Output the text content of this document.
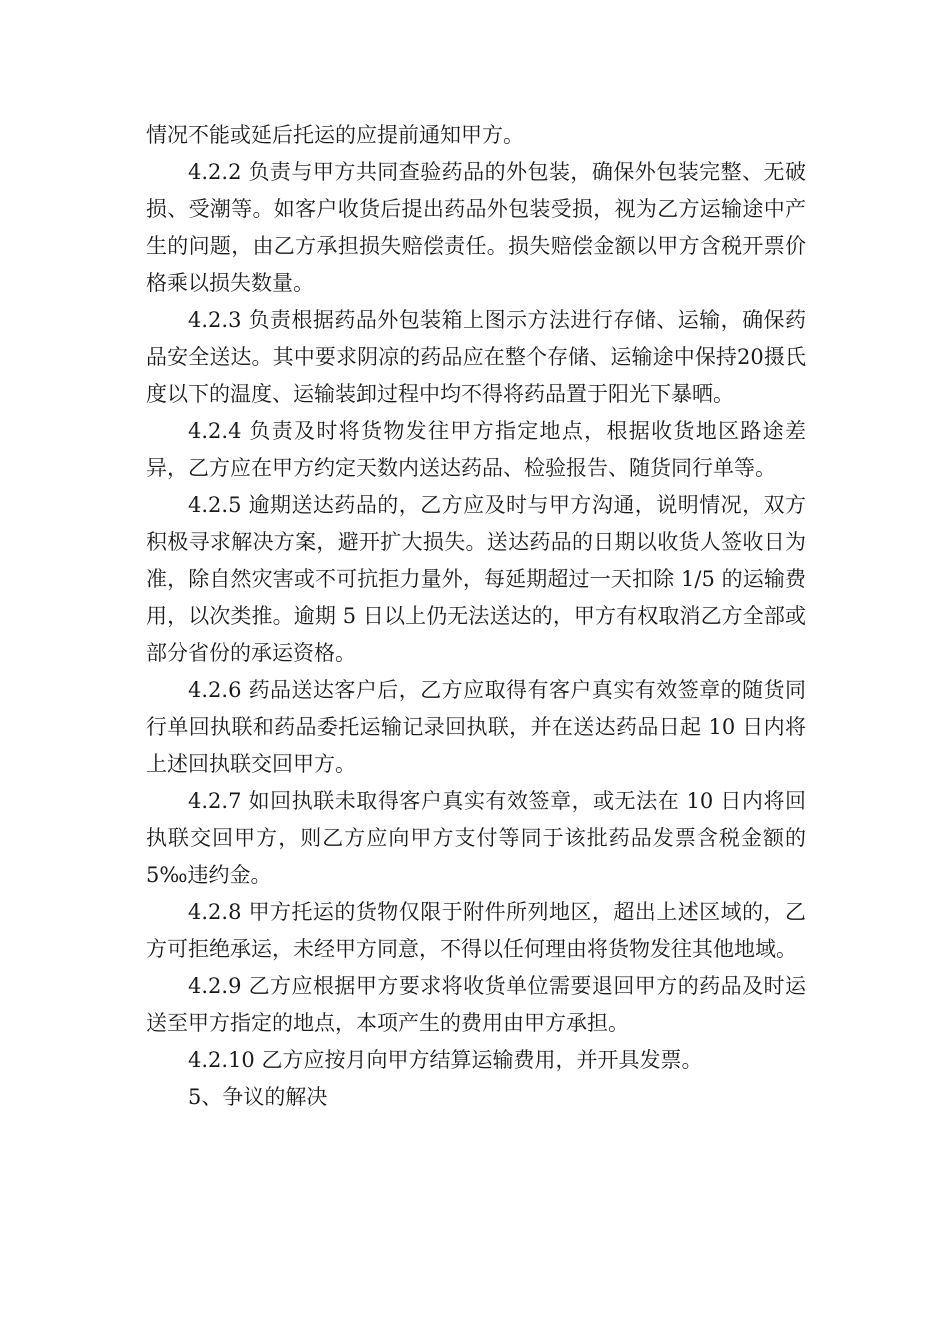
情况不能或延后托运的应提前通知甲方。

4.2.2 负责与甲方共同查验药品的外包装，确保外包装完整、无破损、受潮等。如客户收货后提出药品外包装受损，视为乙方运输途中产生的问题，由乙方承担损失赔偿责任。损失赔偿金额以甲方含税开票价格乘以损失数量。

4.2.3 负责根据药品外包装箱上图示方法进行存储、运输，确保药品安全送达。其中要求阴凉的药品应在整个存储、运输途中保持20摄氏度以下的温度、运输装卸过程中均不得将药品置于阳光下暴晒。

4.2.4 负责及时将货物发往甲方指定地点，根据收货地区路途差异，乙方应在甲方约定天数内送达药品、检验报告、随货同行单等。

4.2.5 逾期送达药品的，乙方应及时与甲方沟通，说明情况，双方积极寻求解决方案，避开扩大损失。送达药品的日期以收货人签收日为准，除自然灾害或不可抗拒力量外，每延期超过一天扣除 1/5 的运输费用，以次类推。逾期 5 日以上仍无法送达的，甲方有权取消乙方全部或部分省份的承运资格。

4.2.6 药品送达客户后，乙方应取得有客户真实有效签章的随货同行单回执联和药品委托运输记录回执联，并在送达药品日起 10 日内将上述回执联交回甲方。

4.2.7 如回执联未取得客户真实有效签章，或无法在 10 日内将回执联交回甲方，则乙方应向甲方支付等同于该批药品发票含税金额的 5‰违约金。

4.2.8 甲方托运的货物仅限于附件所列地区，超出上述区域的，乙方可拒绝承运，未经甲方同意，不得以任何理由将货物发往其他地域。

4.2.9 乙方应根据甲方要求将收货单位需要退回甲方的药品及时运送至甲方指定的地点，本项产生的费用由甲方承担。

4.2.10 乙方应按月向甲方结算运输费用，并开具发票。

5、争议的解决
